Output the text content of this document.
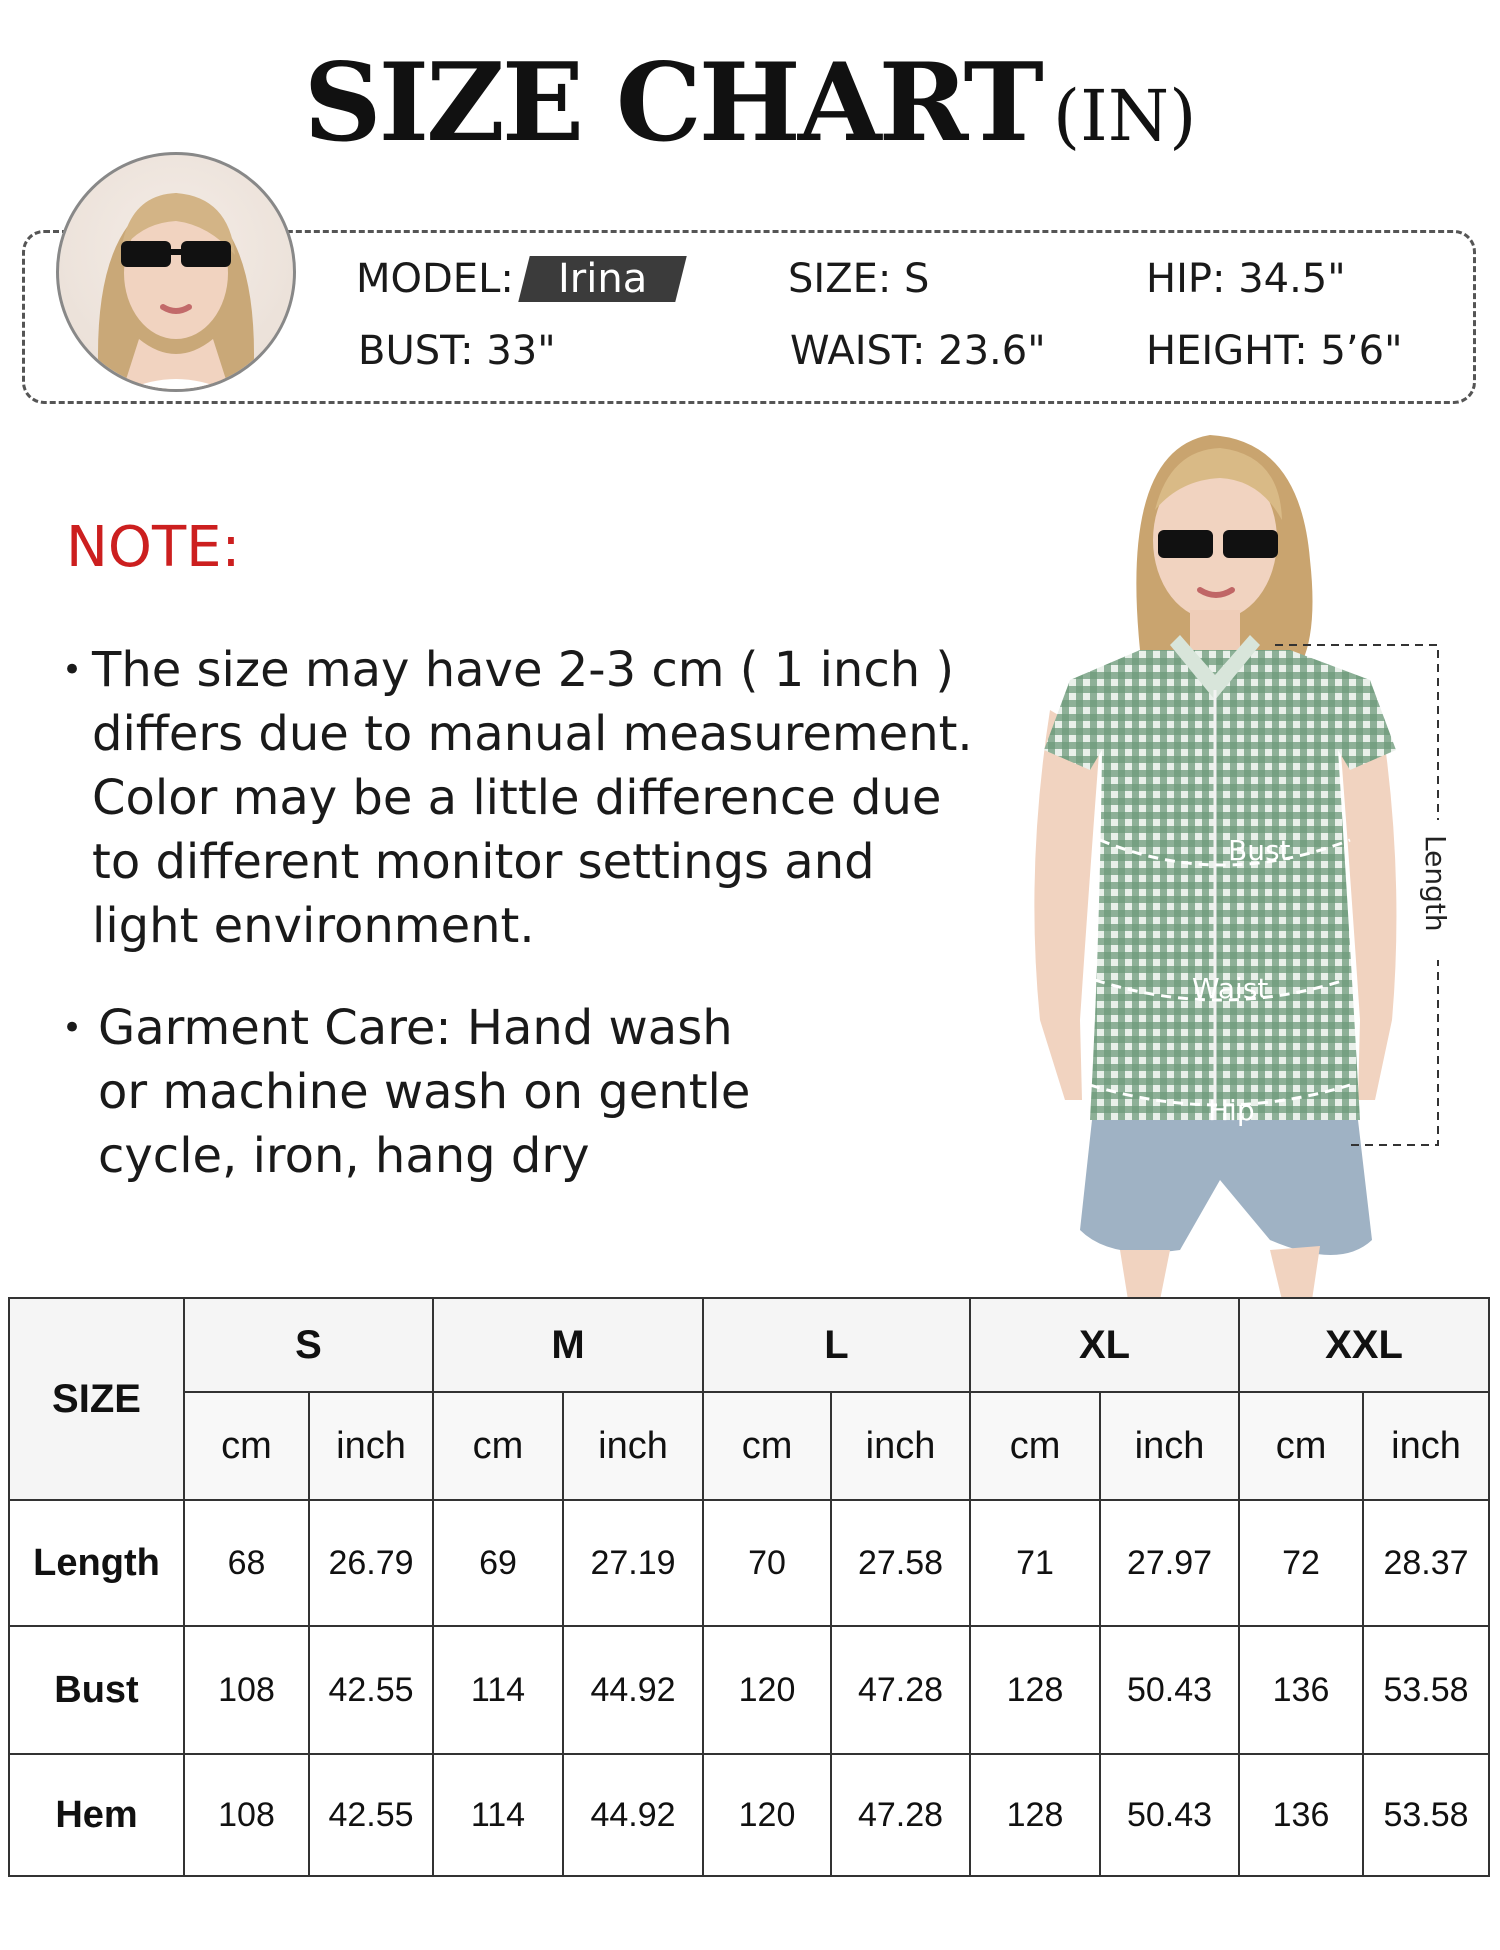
SIZE CHART (IN)
MODEL: Irina	SIZE: S	HIP: 34.5"
BUST: 33"	WAIST: 23.6"	HEIGHT: 5’6"
NOTE:
• The size may have 2-3 cm ( 1 inch )
differs due to manual measurement.
Color may be a little difference due
to different monitor settings and
light environment.
• Garment Care: Hand wash
or machine wash on gentle
cycle, iron, hang dry
Bust
Waist
Hip
Length
SIZE	S		M		L		XL		XXL	
	cm	inch	cm	inch	cm	inch	cm	inch	cm	inch
Length	68	26.79	69	27.19	70	27.58	71	27.97	72	28.37
Bust	108	42.55	114	44.92	120	47.28	128	50.43	136	53.58
Hem	108	42.55	114	44.92	120	47.28	128	50.43	136	53.58
